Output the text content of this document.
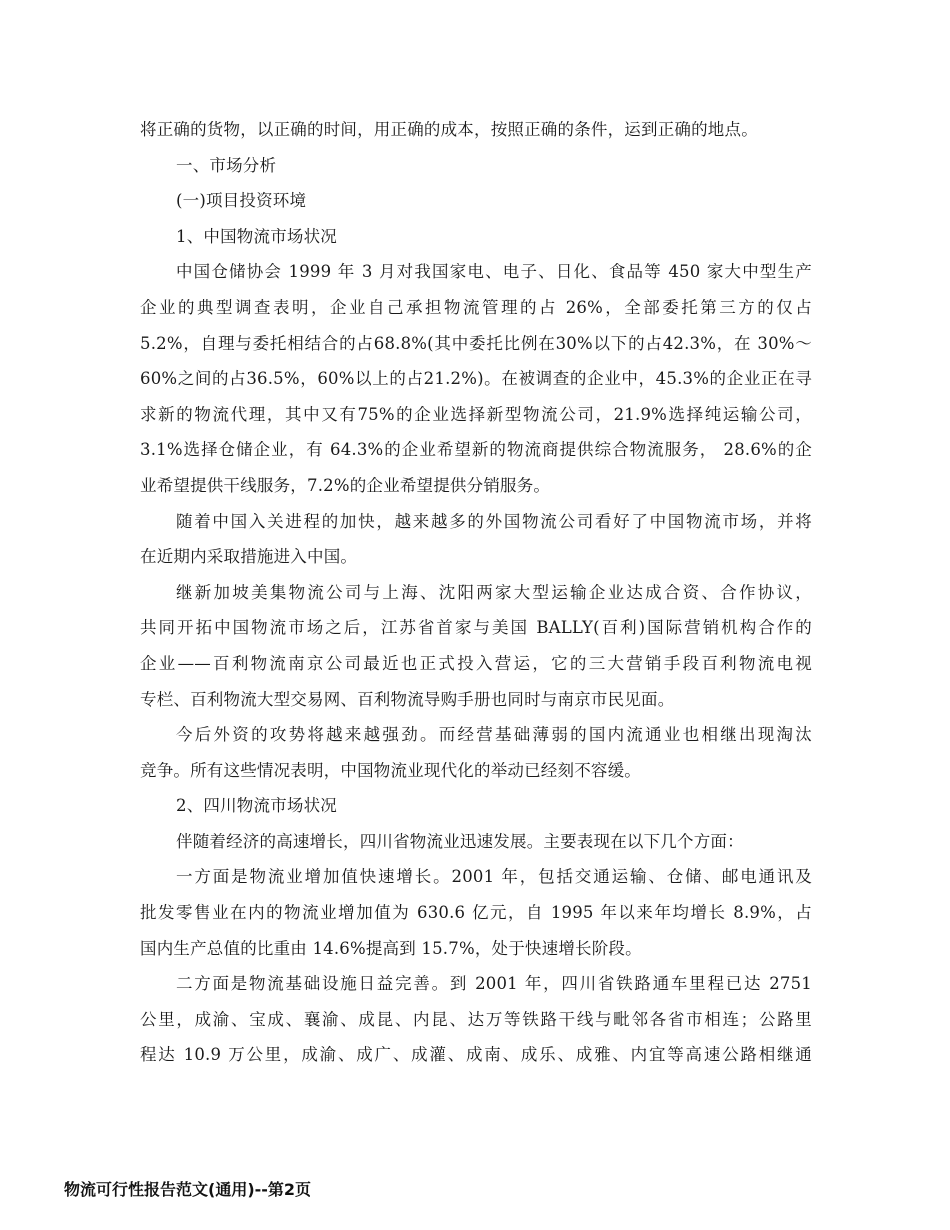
将正确的货物，以正确的时间，用正确的成本，按照正确的条件，运到正确的地点。
一、市场分析
(一)项目投资环境
1、中国物流市场状况
中国仓储协会 1999 年 3 月对我国家电、电子、日化、食品等 450 家大中型生产
企业的典型调查表明，企业自己承担物流管理的占 26%，全部委托第三方的仅占
5.2%，自理与委托相结合的占68.8%(其中委托比例在30%以下的占42.3%，在 30%～
60%之间的占36.5%，60%以上的占21.2%)。在被调查的企业中，45.3%的企业正在寻
求新的物流代理，其中又有75%的企业选择新型物流公司，21.9%选择纯运输公司，
3.1%选择仓储企业，有 64.3%的企业希望新的物流商提供综合物流服务， 28.6%的企
业希望提供干线服务，7.2%的企业希望提供分销服务。
随着中国入关进程的加快，越来越多的外国物流公司看好了中国物流市场，并将
在近期内采取措施进入中国。
继新加坡美集物流公司与上海、沈阳两家大型运输企业达成合资、合作协议，
共同开拓中国物流市场之后，江苏省首家与美国 BALLY(百利)国际营销机构合作的
企业——百利物流南京公司最近也正式投入营运，它的三大营销手段百利物流电视
专栏、百利物流大型交易网、百利物流导购手册也同时与南京市民见面。
今后外资的攻势将越来越强劲。而经营基础薄弱的国内流通业也相继出现淘汰
竞争。所有这些情况表明，中国物流业现代化的举动已经刻不容缓。
2、四川物流市场状况
伴随着经济的高速增长，四川省物流业迅速发展。主要表现在以下几个方面：
一方面是物流业增加值快速增长。2001 年，包括交通运输、仓储、邮电通讯及
批发零售业在内的物流业增加值为 630.6 亿元，自 1995 年以来年均增长 8.9%，占
国内生产总值的比重由 14.6%提高到 15.7%，处于快速增长阶段。
二方面是物流基础设施日益完善。到 2001 年，四川省铁路通车里程已达 2751
公里，成渝、宝成、襄渝、成昆、内昆、达万等铁路干线与毗邻各省市相连；公路里
程达 10.9 万公里，成渝、成广、成灌、成南、成乐、成雅、内宜等高速公路相继通
物流可行性报告范文(通用)--第2页
